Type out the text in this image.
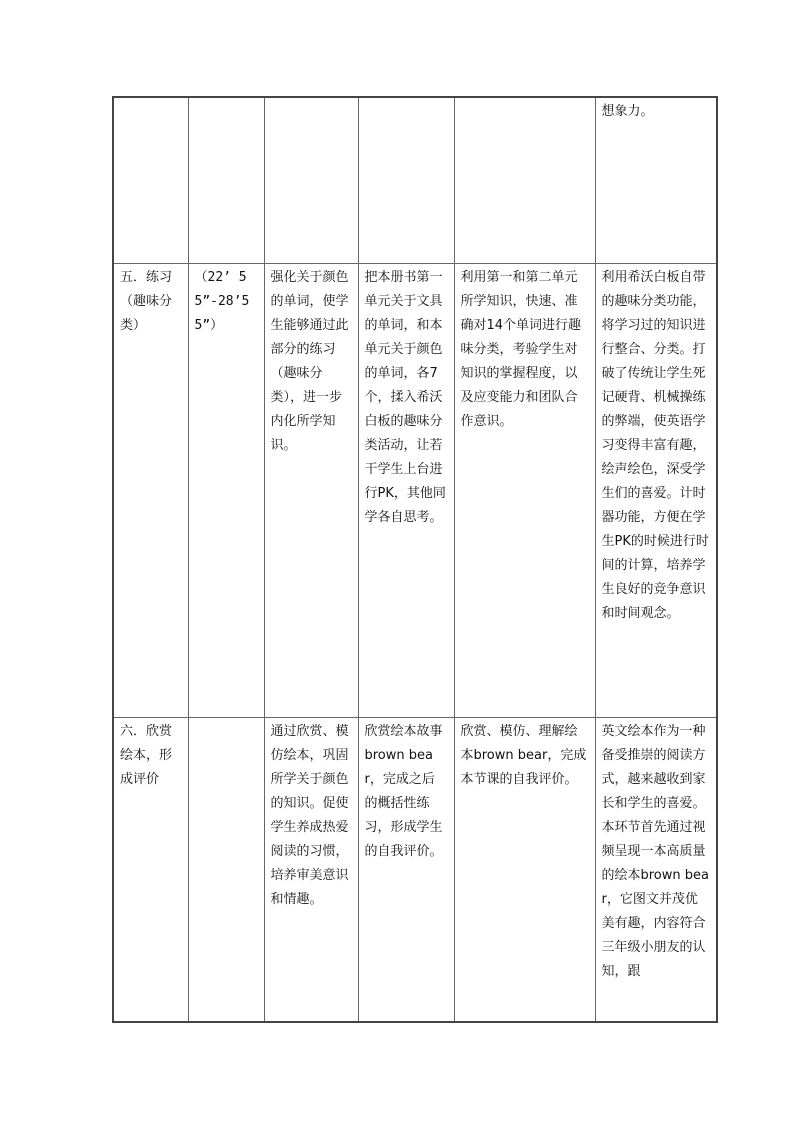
					想象力。
五．练习（趣味分类）	（22’ 55”-28’55”）	强化关于颜色的单词，使学生能够通过此部分的练习（趣味分类），进一步内化所学知识。	把本册书第一单元关于文具的单词，和本单元关于颜色的单词，各7个，揉入希沃白板的趣味分类活动，让若干学生上台进行PK，其他同学各自思考。	利用第一和第二单元所学知识，快速、准确对14个单词进行趣味分类，考验学生对知识的掌握程度，以及应变能力和团队合作意识。	利用希沃白板自带的趣味分类功能，将学习过的知识进行整合、分类。打破了传统让学生死记硬背、机械操练的弊端，使英语学习变得丰富有趣，绘声绘色，深受学生们的喜爱。计时器功能，方便在学生PK的时候进行时间的计算，培养学生良好的竞争意识和时间观念。
六．欣赏绘本，形成评价		通过欣赏、模仿绘本，巩固所学关于颜色的知识。促使学生养成热爱阅读的习惯，培养审美意识和情趣。	欣赏绘本故事brown bear，完成之后的概括性练习，形成学生的自我评价。	欣赏、模仿、理解绘本brown bear，完成本节课的自我评价。	英文绘本作为一种备受推崇的阅读方式，越来越收到家长和学生的喜爱。本环节首先通过视频呈现一本高质量的绘本brown bear，它图文并茂优美有趣，内容符合三年级小朋友的认知，跟
